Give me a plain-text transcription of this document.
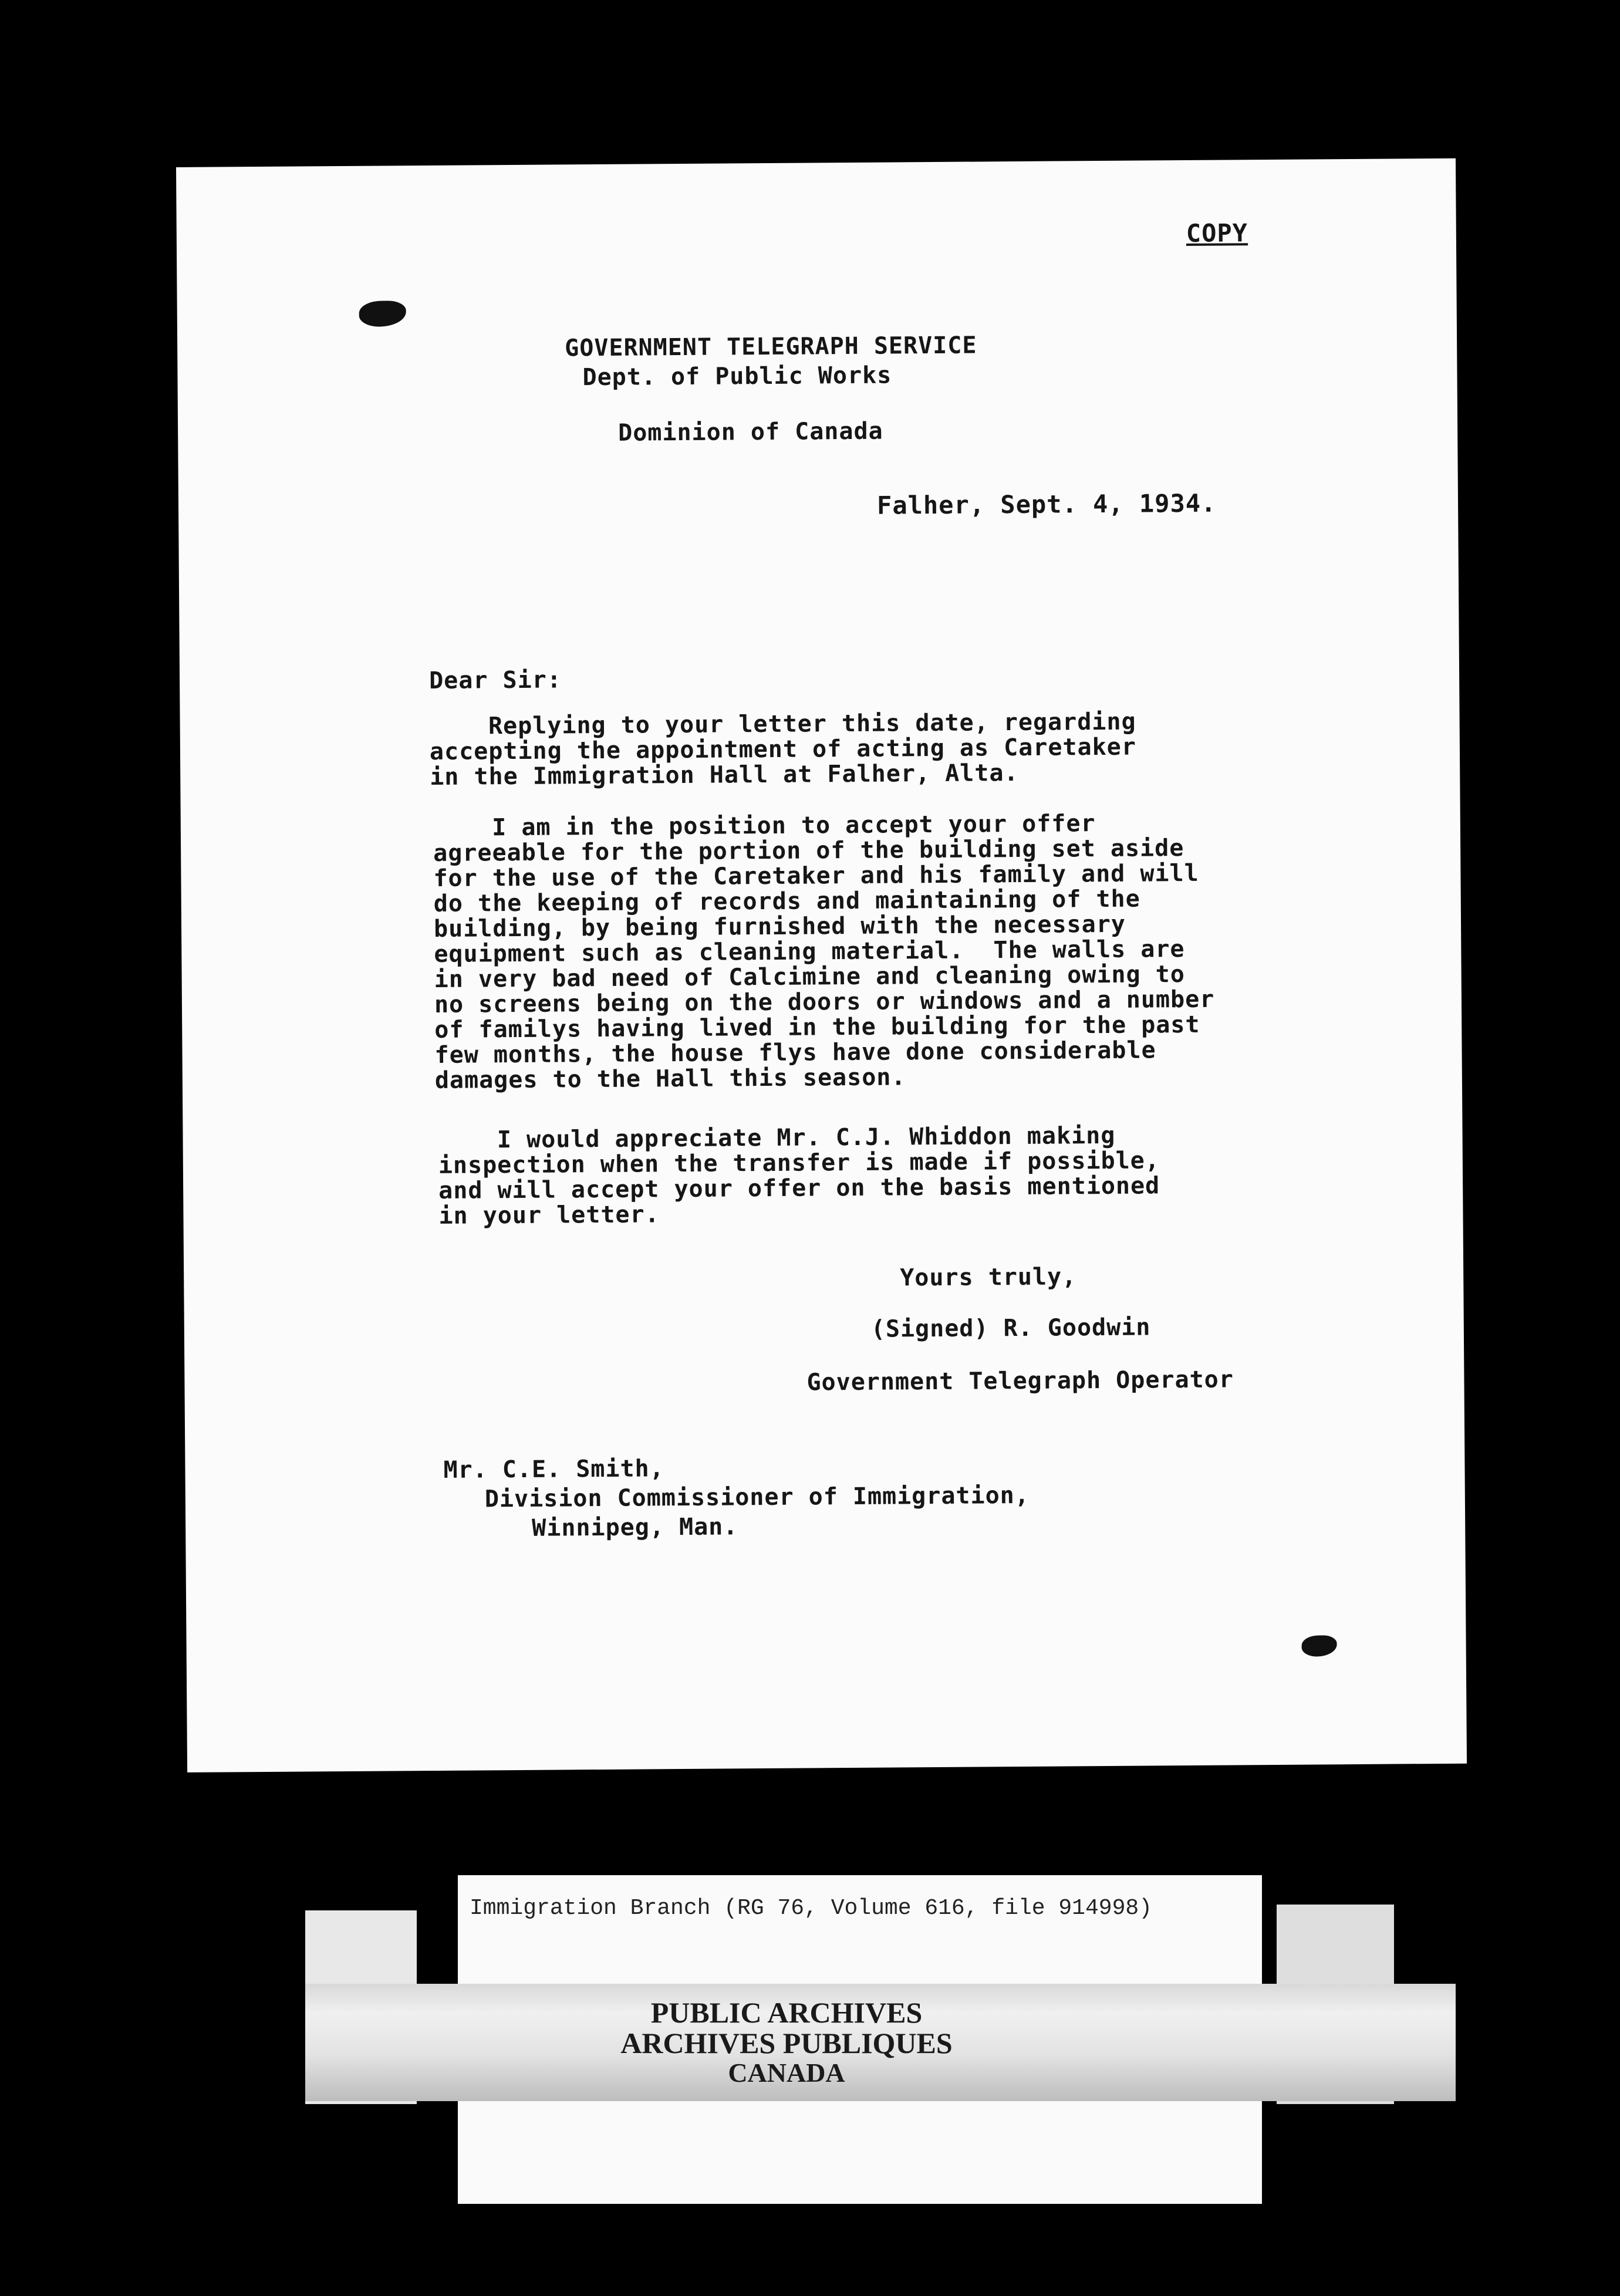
COPY
GOVERNMENT TELEGRAPH SERVICE
Dept. of Public Works
Dominion of Canada
Falher, Sept. 4, 1934.
Dear Sir:
Replying to your letter this date, regarding
accepting the appointment of acting as Caretaker
in the Immigration Hall at Falher, Alta.
I am in the position to accept your offer
agreeable for the portion of the building set aside
for the use of the Caretaker and his family and will
do the keeping of records and maintaining of the
building, by being furnished with the necessary
equipment such as cleaning material.  The walls are
in very bad need of Calcimine and cleaning owing to
no screens being on the doors or windows and a number
of familys having lived in the building for the past
few months, the house flys have done considerable
damages to the Hall this season.
I would appreciate Mr. C.J. Whiddon making
inspection when the transfer is made if possible,
and will accept your offer on the basis mentioned
in your letter.
Yours truly,
(Signed) R. Goodwin
Government Telegraph Operator
Mr. C.E. Smith,
Division Commissioner of Immigration,
Winnipeg, Man.
Immigration Branch (RG 76, Volume 616, file 914998)
PUBLIC ARCHIVES
ARCHIVES PUBLIQUES
CANADA
